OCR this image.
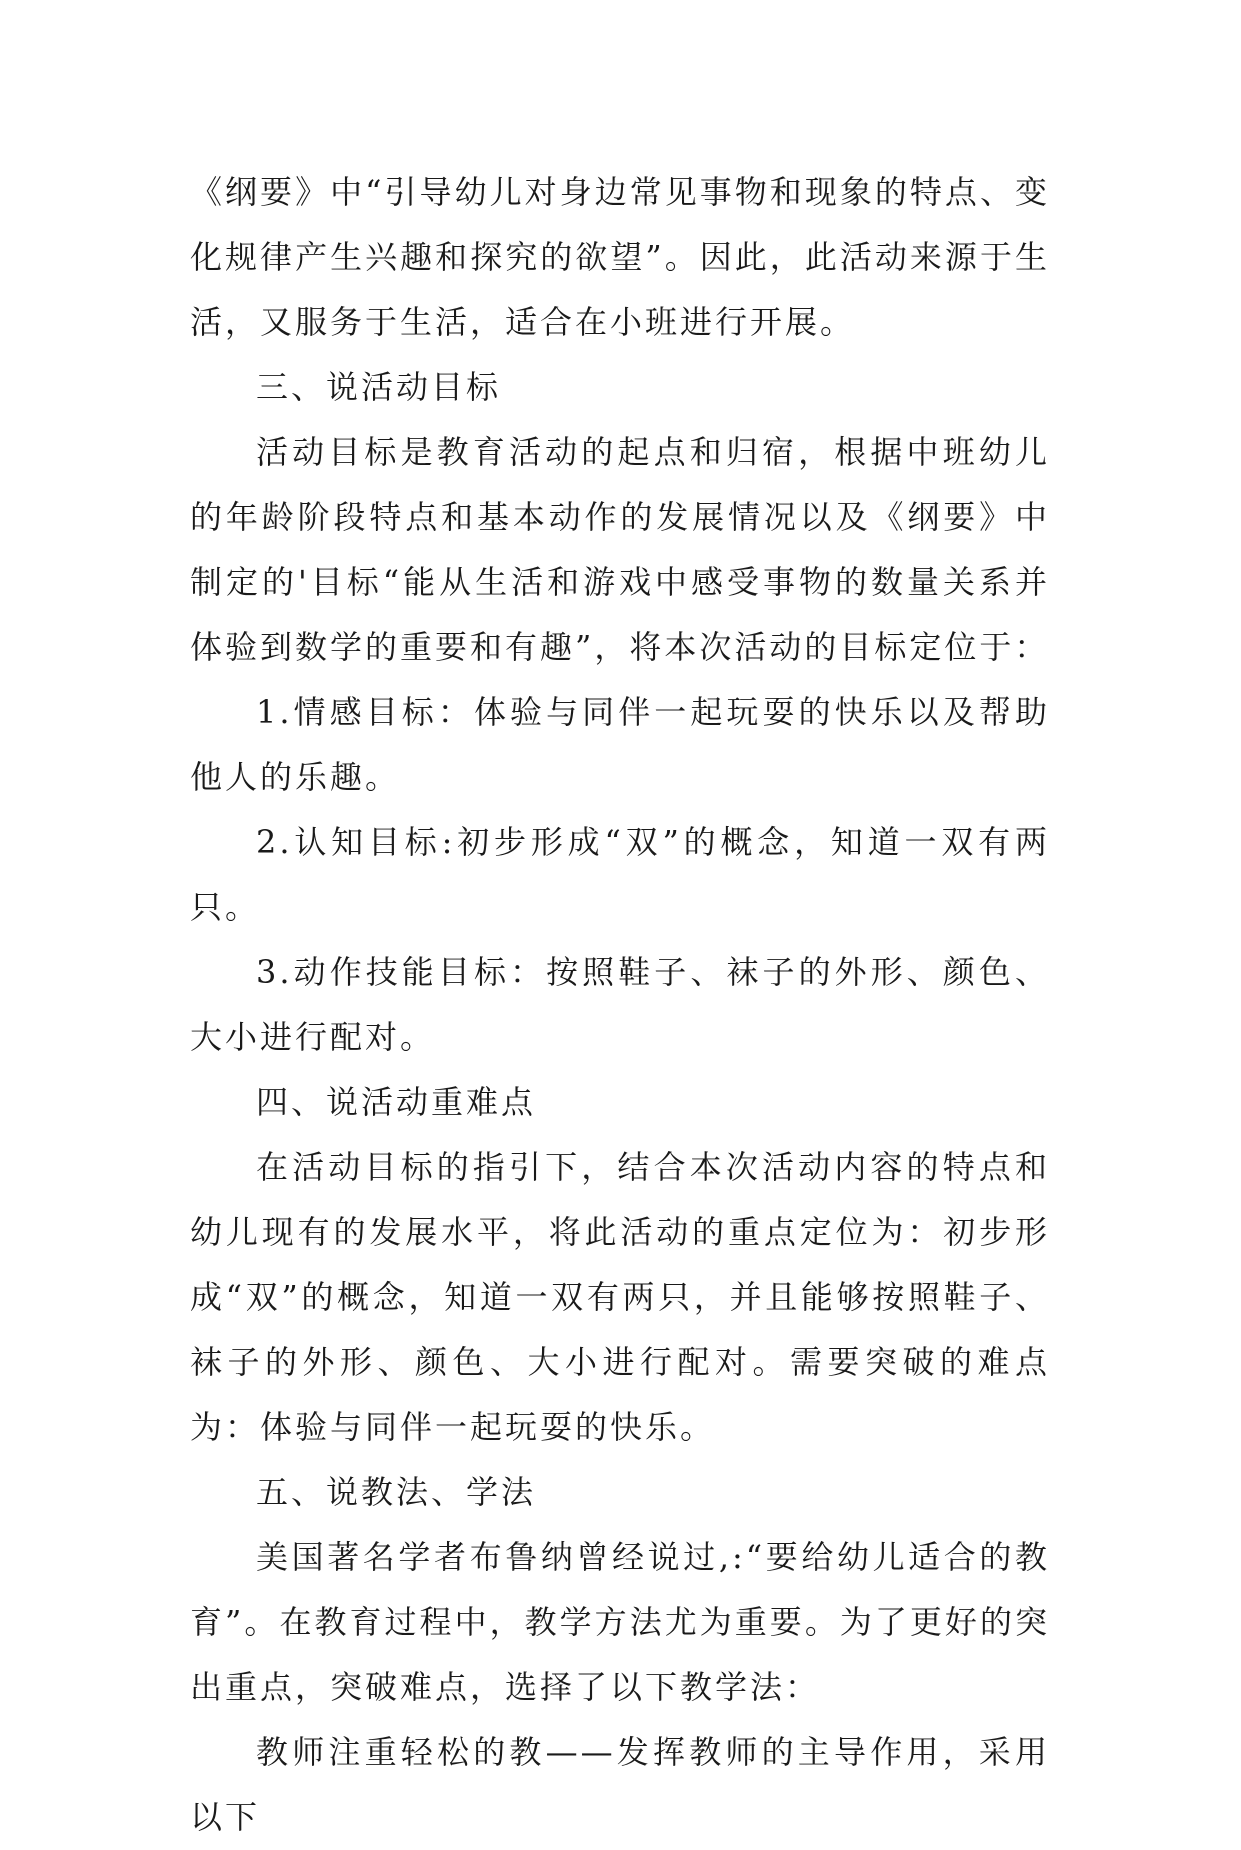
《纲要》中“引导幼儿对身边常见事物和现象的特点、变化规律产生兴趣和探究的欲望”。因此，此活动来源于生活，又服务于生活，适合在小班进行开展。

三、说活动目标

活动目标是教育活动的起点和归宿，根据中班幼儿的年龄阶段特点和基本动作的发展情况以及《纲要》中制定的'目标“能从生活和游戏中感受事物的数量关系并体验到数学的重要和有趣”，将本次活动的目标定位于：

1.情感目标：体验与同伴一起玩耍的快乐以及帮助他人的乐趣。

2.认知目标:初步形成“双”的概念，知道一双有两只。

3.动作技能目标：按照鞋子、袜子的外形、颜色、大小进行配对。

四、说活动重难点

在活动目标的指引下，结合本次活动内容的特点和幼儿现有的发展水平，将此活动的重点定位为：初步形成“双”的概念，知道一双有两只，并且能够按照鞋子、袜子的外形、颜色、大小进行配对。需要突破的难点为：体验与同伴一起玩耍的快乐。

五、说教法、学法

美国著名学者布鲁纳曾经说过,:“要给幼儿适合的教育”。在教育过程中，教学方法尤为重要。为了更好的突出重点，突破难点，选择了以下教学法：

教师注重轻松的教——发挥教师的主导作用，采用以下
